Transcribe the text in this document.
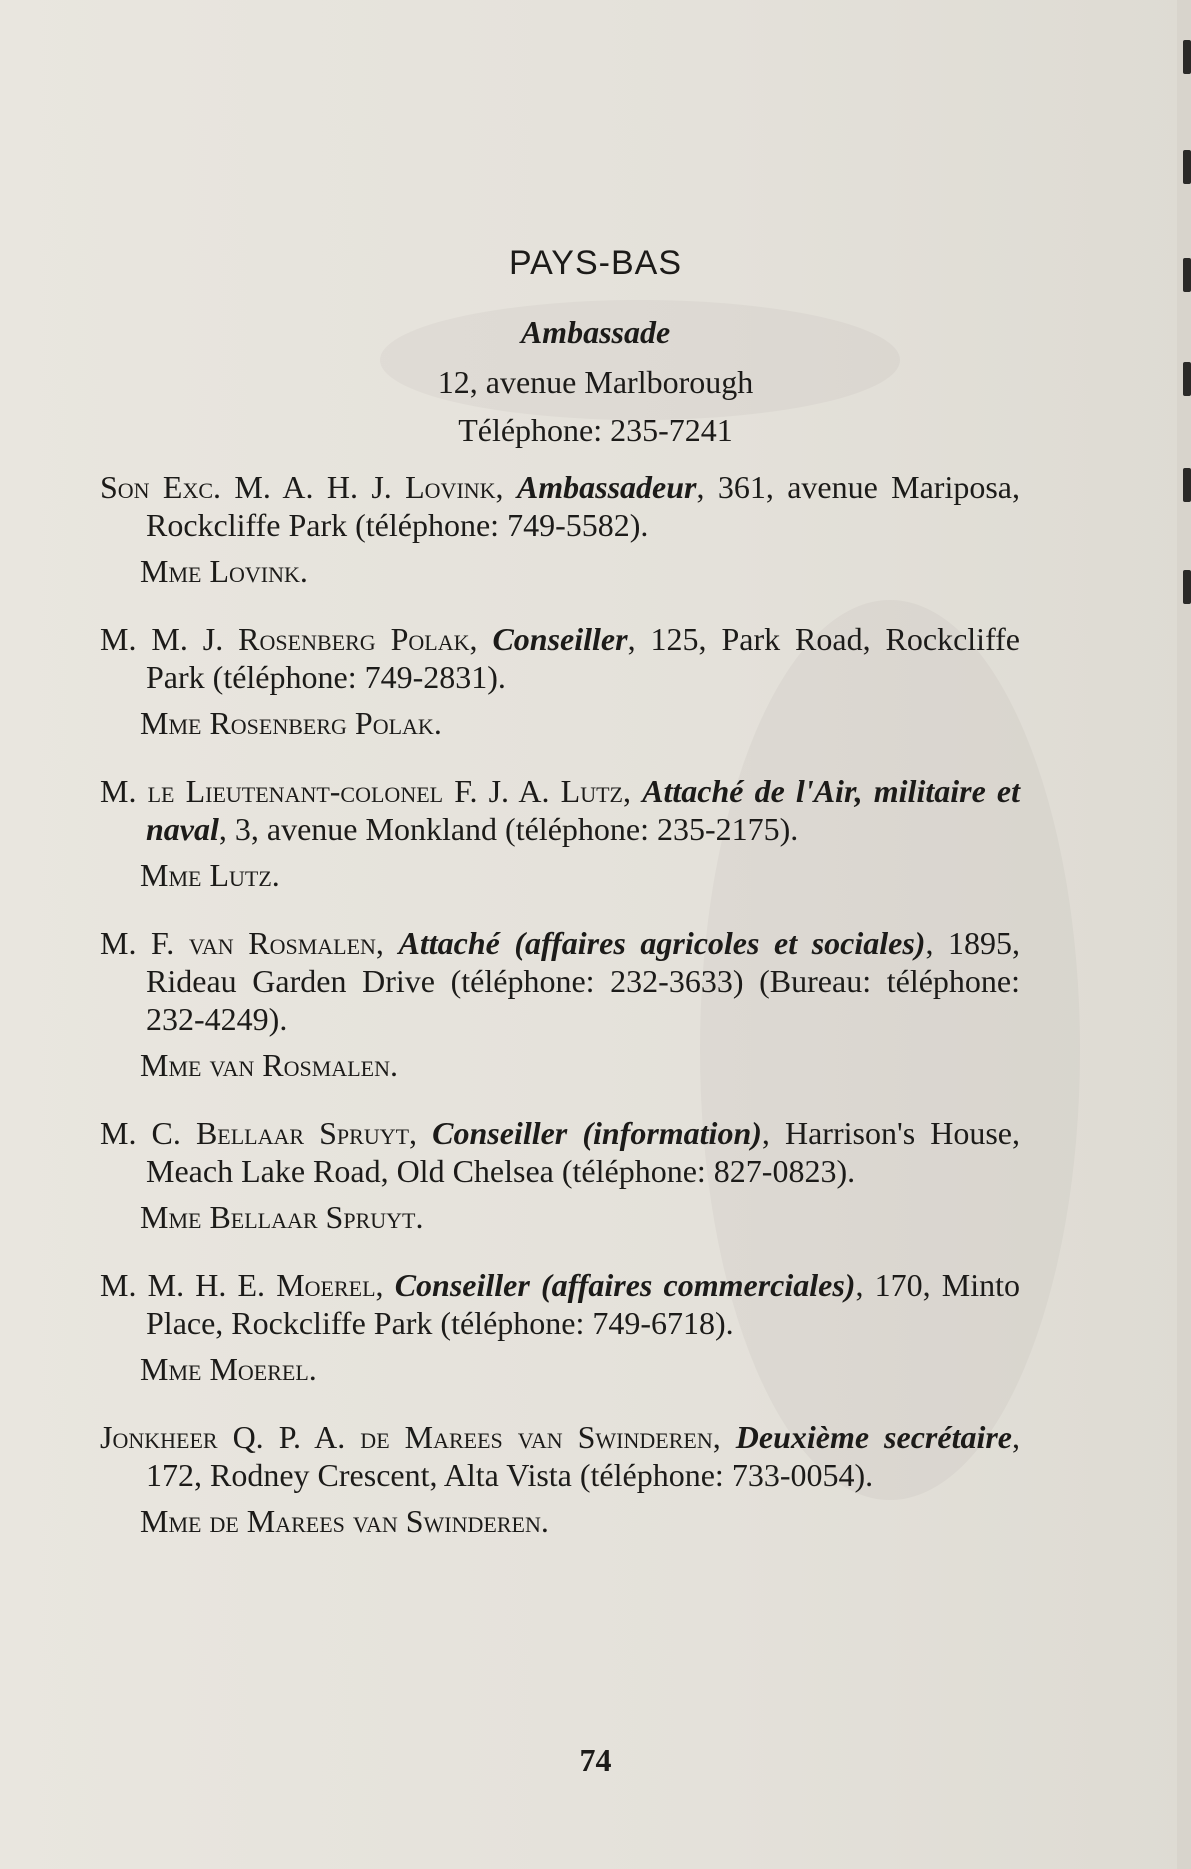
PAYS-BAS
Ambassade
12, avenue Marlborough
Téléphone: 235-7241

Son Exc. M. A. H. J. Lovink, Ambassadeur, 361, avenue Mariposa, Rockcliffe Park (téléphone: 749-5582).

Mme Lovink.

M. M. J. Rosenberg Polak, Conseiller, 125, Park Road, Rockcliffe Park (téléphone: 749-2831).

Mme Rosenberg Polak.

M. le Lieutenant-colonel F. J. A. Lutz, Attaché de l'Air, militaire et naval, 3, avenue Monkland (téléphone: 235-2175).

Mme Lutz.

M. F. van Rosmalen, Attaché (affaires agricoles et sociales), 1895, Rideau Garden Drive (téléphone: 232-3633) (Bureau: téléphone: 232-4249).

Mme van Rosmalen.

M. C. Bellaar Spruyt, Conseiller (information), Harrison's House, Meach Lake Road, Old Chelsea (téléphone: 827-0823).

Mme Bellaar Spruyt.

M. M. H. E. Moerel, Conseiller (affaires commerciales), 170, Minto Place, Rockcliffe Park (téléphone: 749-6718).

Mme Moerel.

Jonkheer Q. P. A. de Marees van Swinderen, Deuxième secrétaire, 172, Rodney Crescent, Alta Vista (téléphone: 733-0054).

Mme de Marees van Swinderen.
74
